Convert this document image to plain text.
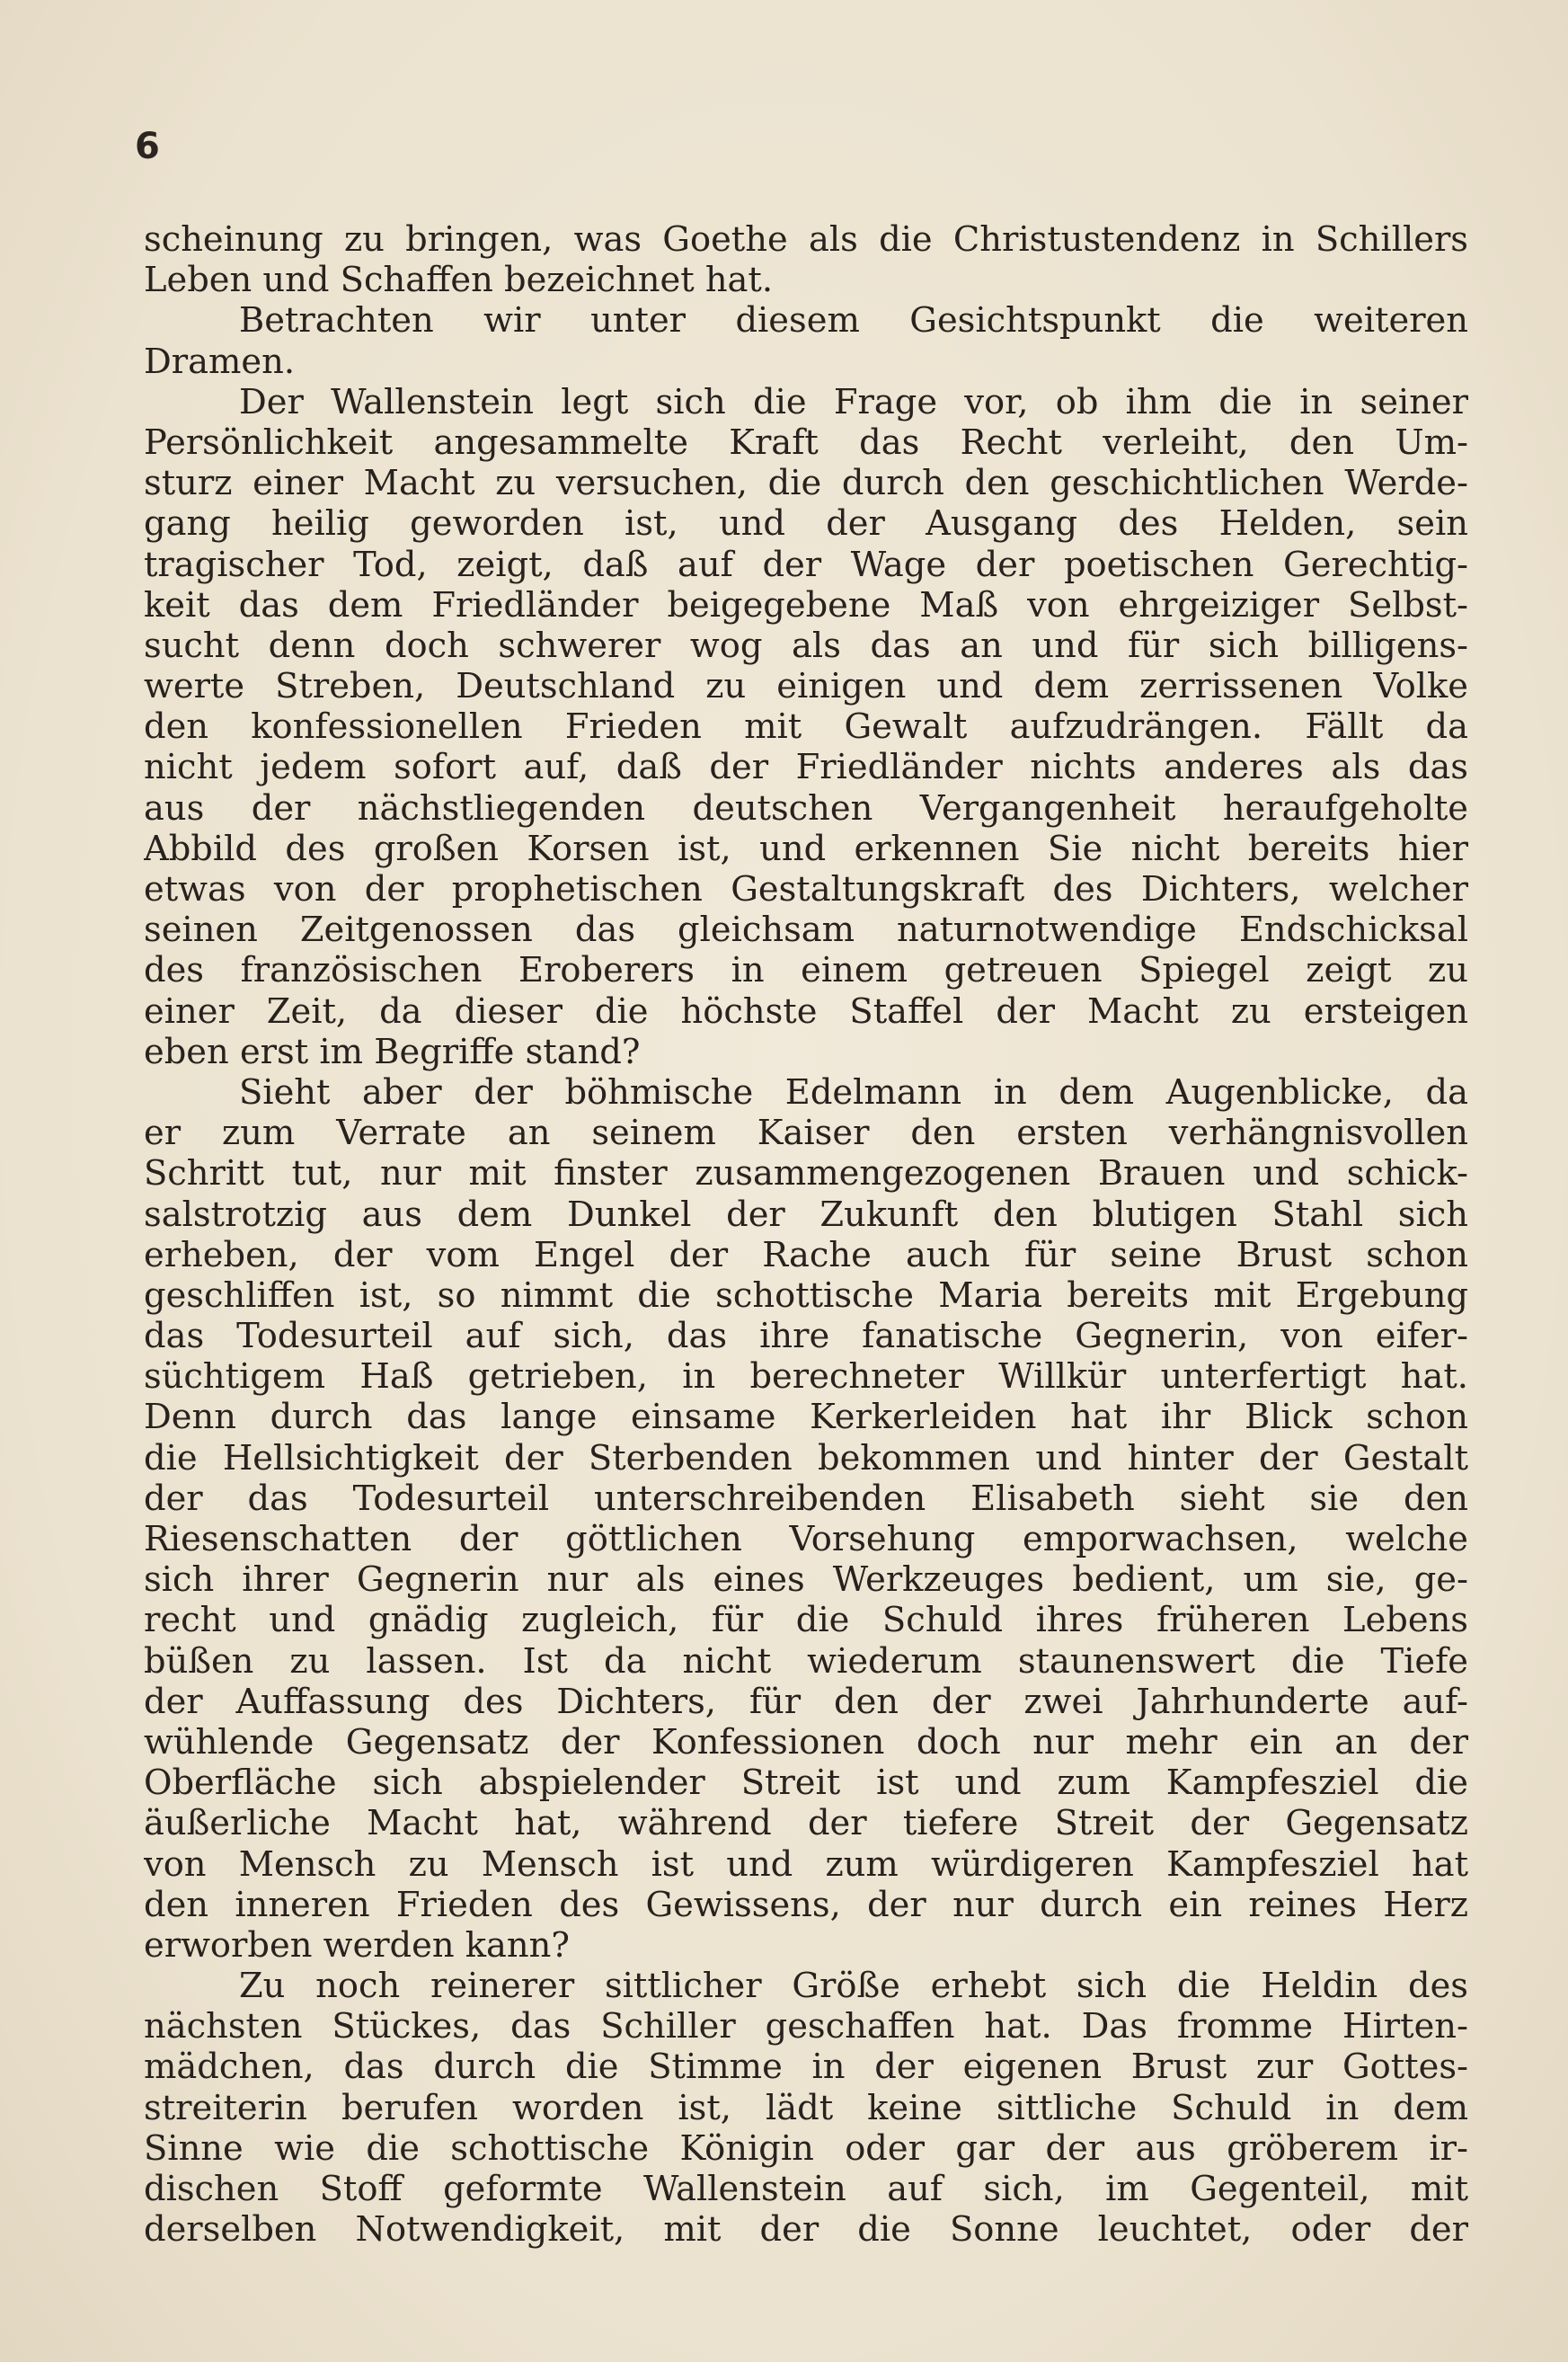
6
scheinung zu bringen, was Goethe als die Christustendenz in Schillers
Leben und Schaffen bezeichnet hat.
Betrachten wir unter diesem Gesichtspunkt die weiteren
Dramen.
Der Wallenstein legt sich die Frage vor, ob ihm die in seiner
Persönlichkeit angesammelte Kraft das Recht verleiht, den Um-
sturz einer Macht zu versuchen, die durch den geschichtlichen Werde-
gang heilig geworden ist, und der Ausgang des Helden, sein
tragischer Tod, zeigt, daß auf der Wage der poetischen Gerechtig-
keit das dem Friedländer beigegebene Maß von ehrgeiziger Selbst-
sucht denn doch schwerer wog als das an und für sich billigens-
werte Streben, Deutschland zu einigen und dem zerrissenen Volke
den konfessionellen Frieden mit Gewalt aufzudrängen. Fällt da
nicht jedem sofort auf, daß der Friedländer nichts anderes als das
aus der nächstliegenden deutschen Vergangenheit heraufgeholte
Abbild des großen Korsen ist, und erkennen Sie nicht bereits hier
etwas von der prophetischen Gestaltungskraft des Dichters, welcher
seinen Zeitgenossen das gleichsam naturnotwendige Endschicksal
des französischen Eroberers in einem getreuen Spiegel zeigt zu
einer Zeit, da dieser die höchste Staffel der Macht zu ersteigen
eben erst im Begriffe stand?
Sieht aber der böhmische Edelmann in dem Augenblicke, da
er zum Verrate an seinem Kaiser den ersten verhängnisvollen
Schritt tut, nur mit finster zusammengezogenen Brauen und schick-
salstrotzig aus dem Dunkel der Zukunft den blutigen Stahl sich
erheben, der vom Engel der Rache auch für seine Brust schon
geschliffen ist, so nimmt die schottische Maria bereits mit Ergebung
das Todesurteil auf sich, das ihre fanatische Gegnerin, von eifer-
süchtigem Haß getrieben, in berechneter Willkür unterfertigt hat.
Denn durch das lange einsame Kerkerleiden hat ihr Blick schon
die Hellsichtigkeit der Sterbenden bekommen und hinter der Gestalt
der das Todesurteil unterschreibenden Elisabeth sieht sie den
Riesenschatten der göttlichen Vorsehung emporwachsen, welche
sich ihrer Gegnerin nur als eines Werkzeuges bedient, um sie, ge-
recht und gnädig zugleich, für die Schuld ihres früheren Lebens
büßen zu lassen. Ist da nicht wiederum staunenswert die Tiefe
der Auffassung des Dichters, für den der zwei Jahrhunderte auf-
wühlende Gegensatz der Konfessionen doch nur mehr ein an der
Oberfläche sich abspielender Streit ist und zum Kampfesziel die
äußerliche Macht hat, während der tiefere Streit der Gegensatz
von Mensch zu Mensch ist und zum würdigeren Kampfesziel hat
den inneren Frieden des Gewissens, der nur durch ein reines Herz
erworben werden kann?
Zu noch reinerer sittlicher Größe erhebt sich die Heldin des
nächsten Stückes, das Schiller geschaffen hat. Das fromme Hirten-
mädchen, das durch die Stimme in der eigenen Brust zur Gottes-
streiterin berufen worden ist, lädt keine sittliche Schuld in dem
Sinne wie die schottische Königin oder gar der aus gröberem ir-
dischen Stoff geformte Wallenstein auf sich, im Gegenteil, mit
derselben Notwendigkeit, mit der die Sonne leuchtet, oder der
